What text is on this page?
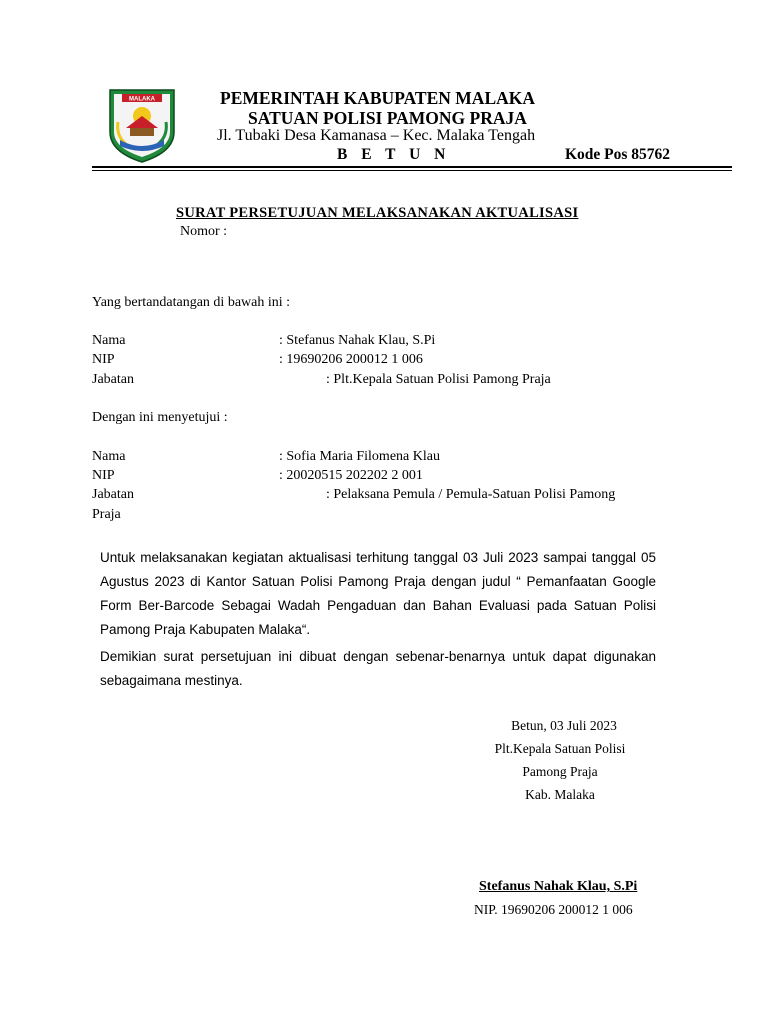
MALAKA	PEMERINTAH KABUPATEN MALAKA
SATUAN POLISI PAMONG PRAJA
Jl. Tubaki Desa Kamanasa – Kec. Malaka Tengah
B E T U N	Kode Pos 85762
SURAT PERSETUJUAN MELAKSANAKAN AKTUALISASI
Nomor :
Yang bertandatangan di bawah ini :
Nama	: Stefanus Nahak Klau, S.Pi
NIP	: 19690206 200012 1 006
Jabatan	: Plt.Kepala Satuan Polisi Pamong Praja
Dengan ini menyetujui :
Nama	: Sofia Maria Filomena Klau
NIP	: 20020515 202202 2 001
Jabatan	: Pelaksana Pemula / Pemula-Satuan Polisi Pamong
Praja
Untuk melaksanakan kegiatan aktualisasi terhitung tanggal 03 Juli 2023 sampai tanggal 05 Agustus 2023 di Kantor Satuan Polisi Pamong Praja dengan judul “ Pemanfaatan Google Form Ber-Barcode Sebagai Wadah Pengaduan dan Bahan Evaluasi pada Satuan Polisi Pamong Praja Kabupaten Malaka“.
Demikian surat persetujuan ini dibuat dengan sebenar-benarnya untuk dapat digunakan sebagaimana mestinya.
Betun, 03 Juli 2023
Plt.Kepala Satuan Polisi
Pamong Praja
Kab. Malaka
Stefanus Nahak Klau, S.Pi
NIP. 19690206 200012 1 006
